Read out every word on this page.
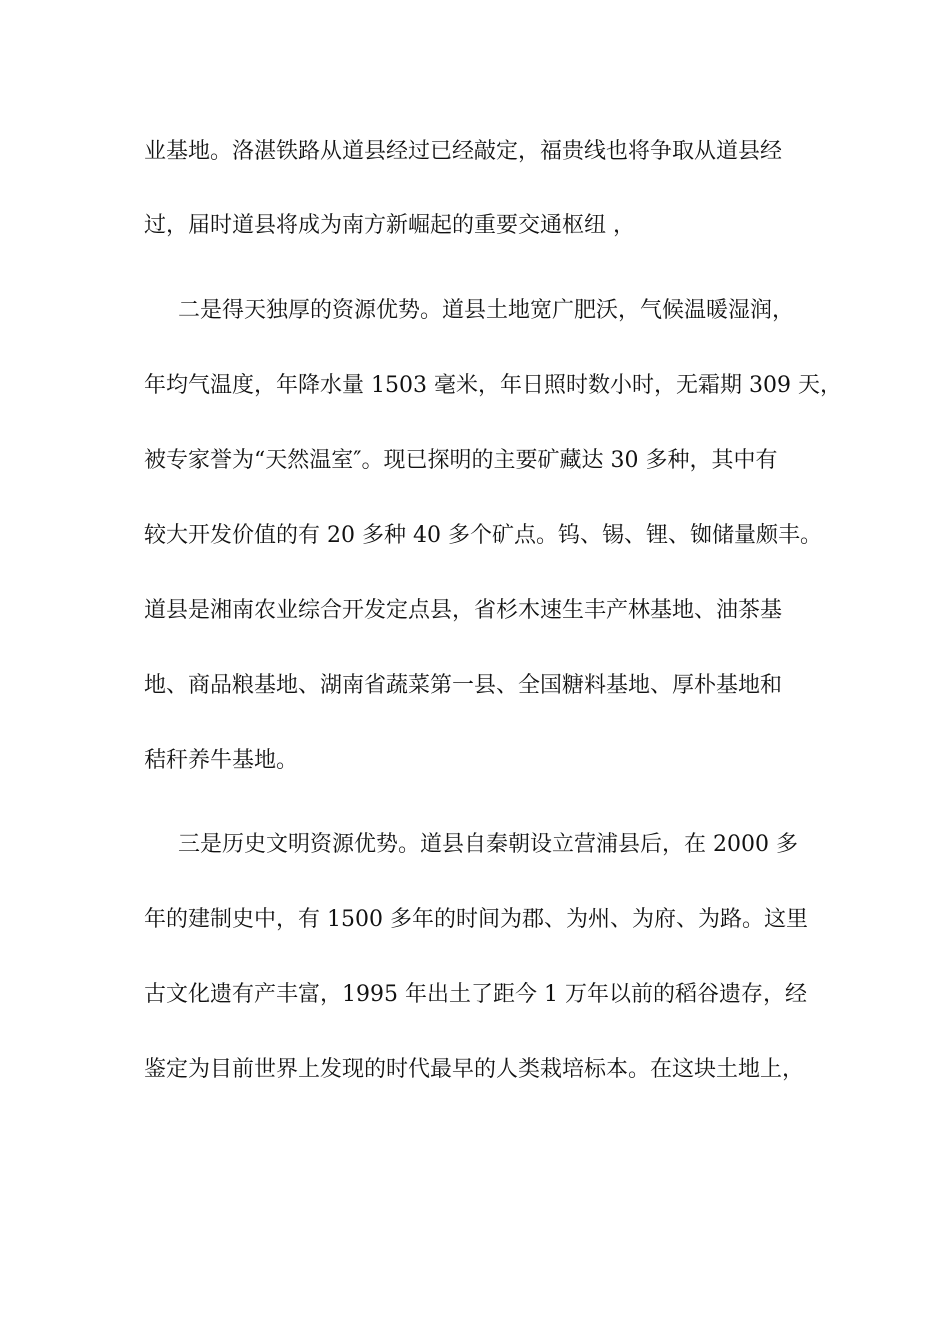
业基地。洛湛铁路从道县经过已经敲定，福贵线也将争取从道县经
过，届时道县将成为南方新崛起的重要交通枢纽 ，
二是得天独厚的资源优势。道县土地宽广肥沃，气候温暖湿润，
年均气温度，年降水量 1503 毫米，年日照时数小时，无霜期 309 天，
被专家誉为“天然温室″。现已探明的主要矿藏达 30 多种，其中有
较大开发价值的有 20 多种 40 多个矿点。钨、锡、锂、铷储量颇丰。
道县是湘南农业综合开发定点县，省杉木速生丰产林基地、油茶基
地、商品粮基地、湖南省蔬菜第一县、全国糖料基地、厚朴基地和
秸秆养牛基地。
三是历史文明资源优势。道县自秦朝设立营浦县后，在 2000 多
年的建制史中，有 1500 多年的时间为郡、为州、为府、为路。这里
古文化遗有产丰富，1995 年出土了距今 1 万年以前的稻谷遗存，经
鉴定为目前世界上发现的时代最早的人类栽培标本。在这块土地上，
